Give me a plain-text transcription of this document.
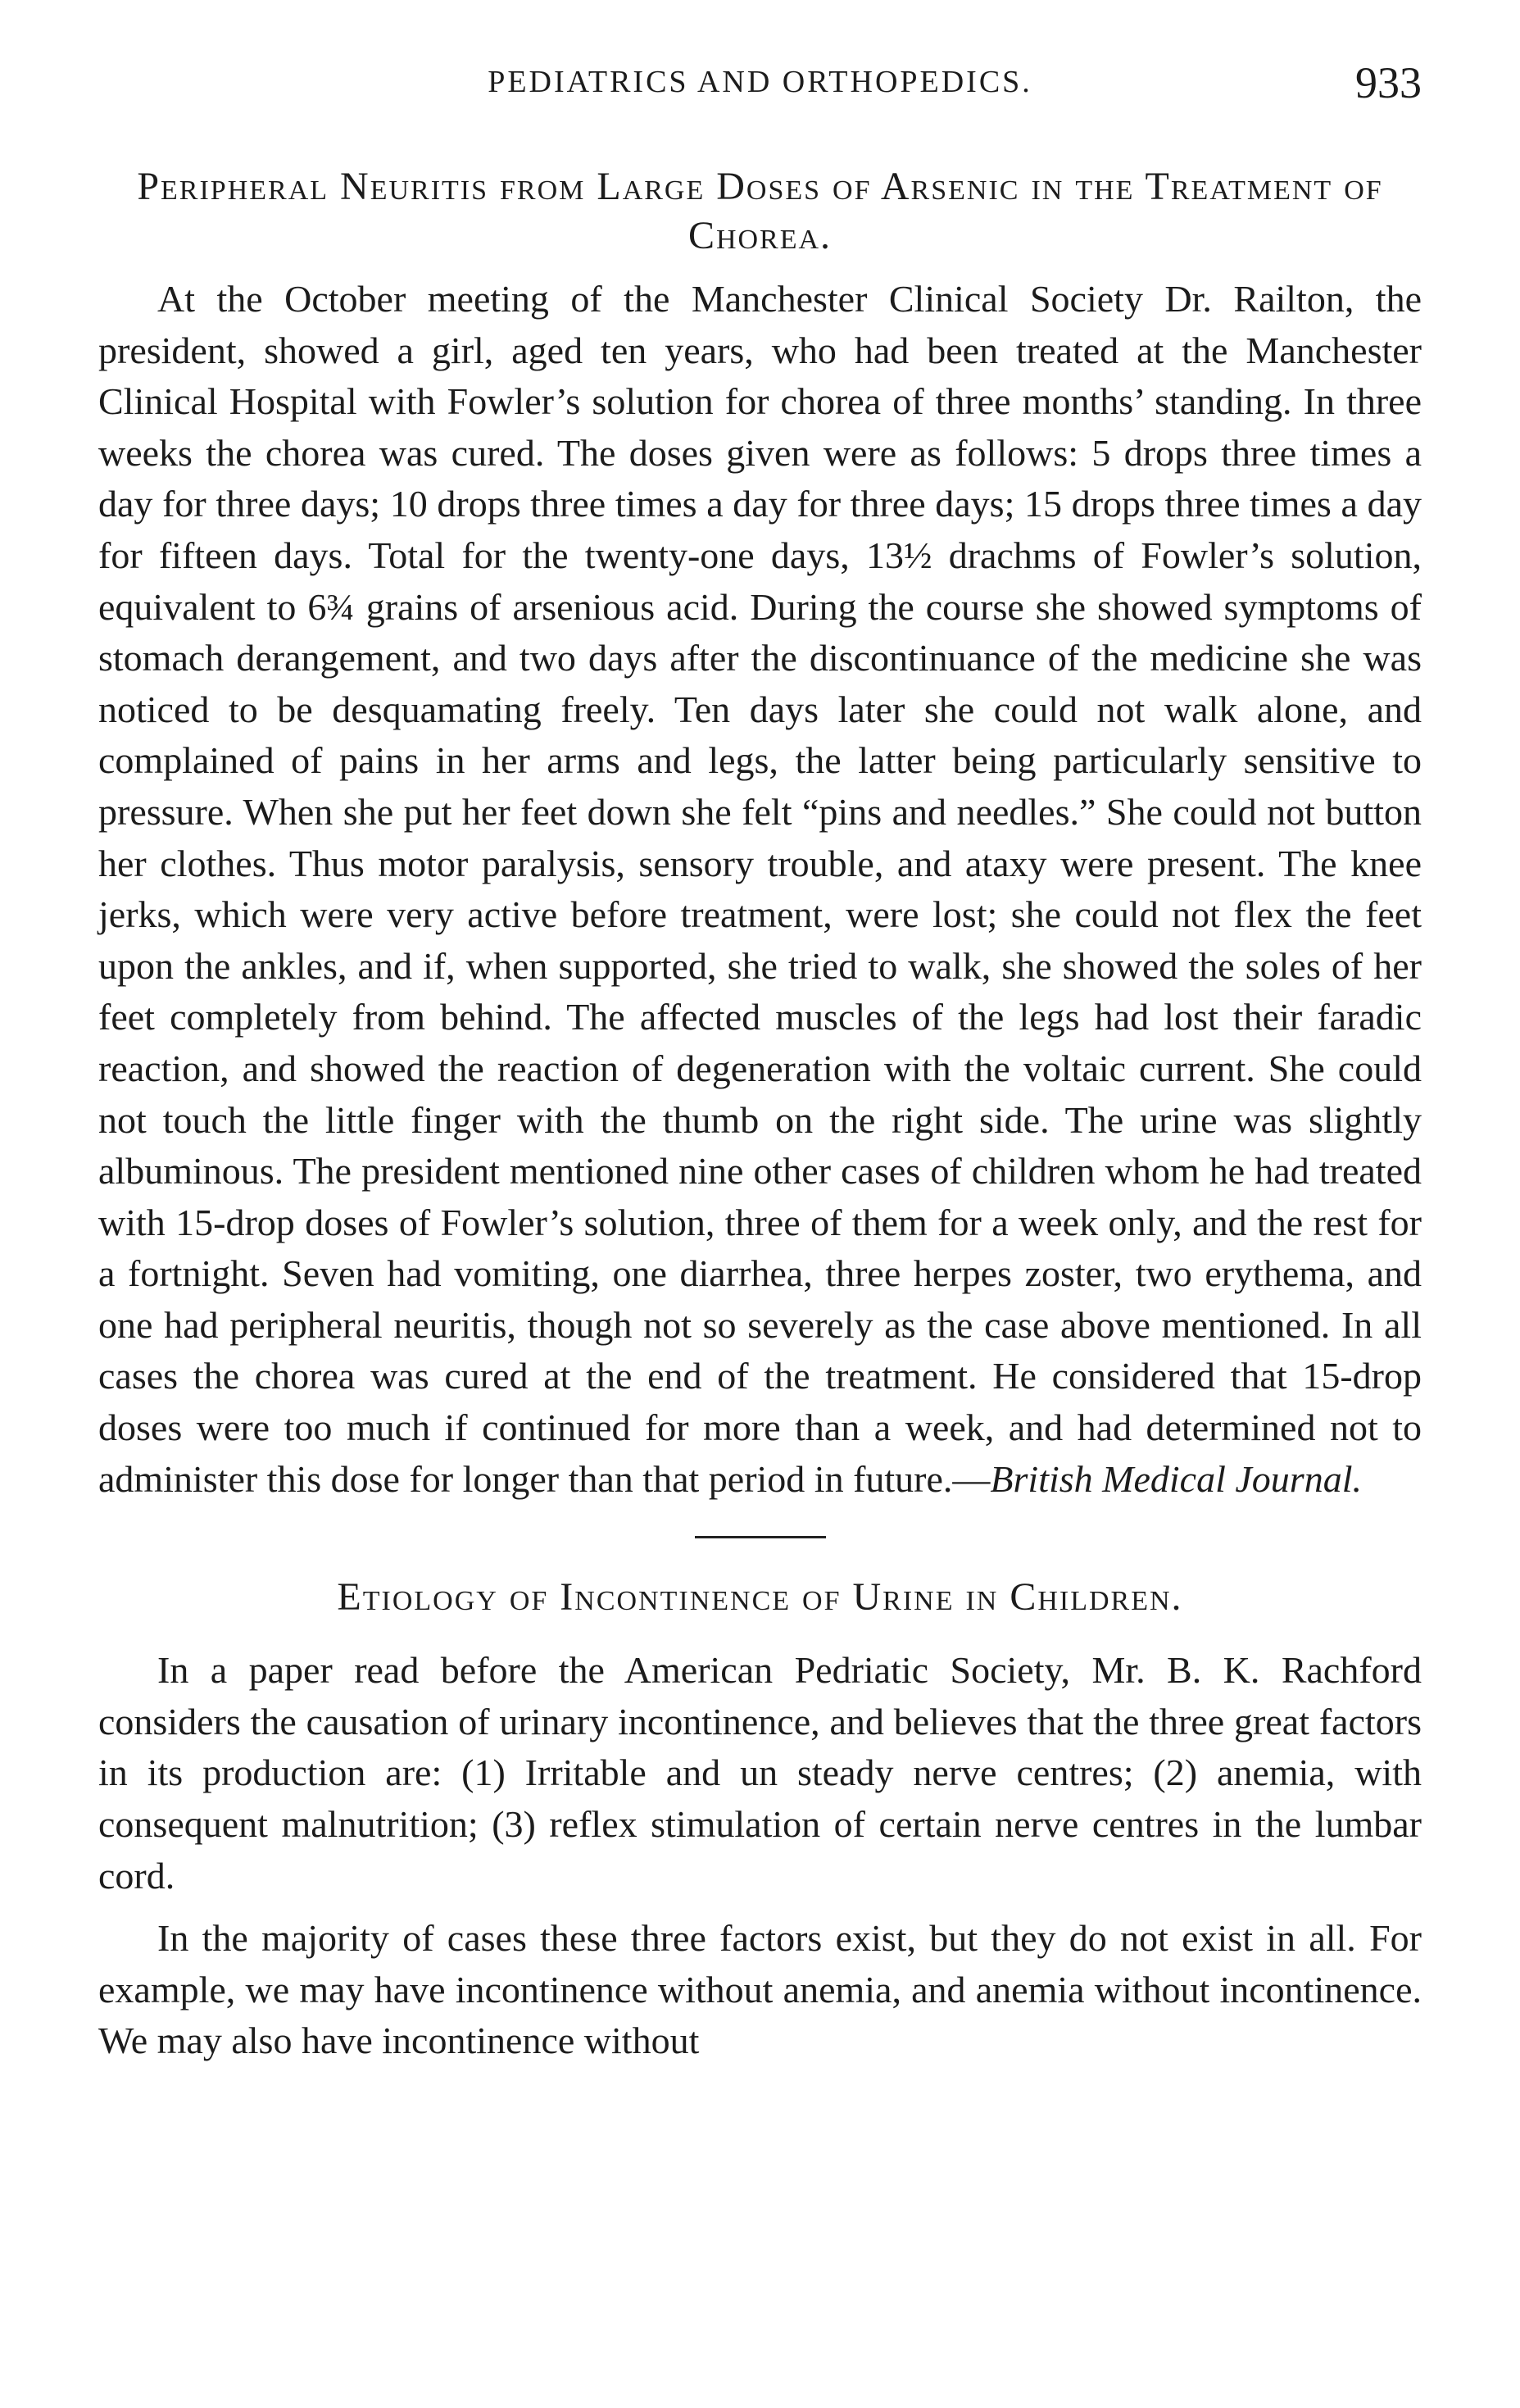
PEDIATRICS AND ORTHOPEDICS.	933
Peripheral Neuritis from Large Doses of Arsenic in the Treatment of Chorea.

At the October meeting of the Manchester Clinical Society Dr. Railton, the president, showed a girl, aged ten years, who had been treated at the Manchester Clinical Hospital with Fowler’s solution for chorea of three months’ standing. In three weeks the chorea was cured. The doses given were as follows: 5 drops three times a day for three days; 10 drops three times a day for three days; 15 drops three times a day for fifteen days. Total for the twenty-one days, 13½ drachms of Fowler’s solution, equivalent to 6¾ grains of arsenious acid. During the course she showed symptoms of stomach derangement, and two days after the discontinuance of the medicine she was noticed to be desquamating freely. Ten days later she could not walk alone, and complained of pains in her arms and legs, the latter being particularly sensitive to pressure. When she put her feet down she felt “pins and needles.” She could not button her clothes. Thus motor paralysis, sensory trouble, and ataxy were present. The knee jerks, which were very active before treatment, were lost; she could not flex the feet upon the ankles, and if, when supported, she tried to walk, she showed the soles of her feet completely from behind. The affected muscles of the legs had lost their faradic reaction, and showed the reaction of degeneration with the voltaic current. She could not touch the little finger with the thumb on the right side. The urine was slightly albuminous. The president mentioned nine other cases of children whom he had treated with 15-drop doses of Fowler’s solution, three of them for a week only, and the rest for a fortnight. Seven had vomiting, one diarrhea, three herpes zoster, two erythema, and one had peripheral neuritis, though not so severely as the case above mentioned. In all cases the chorea was cured at the end of the treatment. He considered that 15-drop doses were too much if continued for more than a week, and had determined not to administer this dose for longer than that period in future.—British Medical Journal.

Etiology of Incontinence of Urine in Children.

In a paper read before the American Pedriatic Society, Mr. B. K. Rachford considers the causation of urinary incontinence, and believes that the three great factors in its production are: (1) Irritable and un steady nerve centres; (2) anemia, with consequent malnutrition; (3) reflex stimulation of certain nerve centres in the lumbar cord.

In the majority of cases these three factors exist, but they do not exist in all. For example, we may have incontinence without anemia, and anemia without incontinence. We may also have incontinence without
